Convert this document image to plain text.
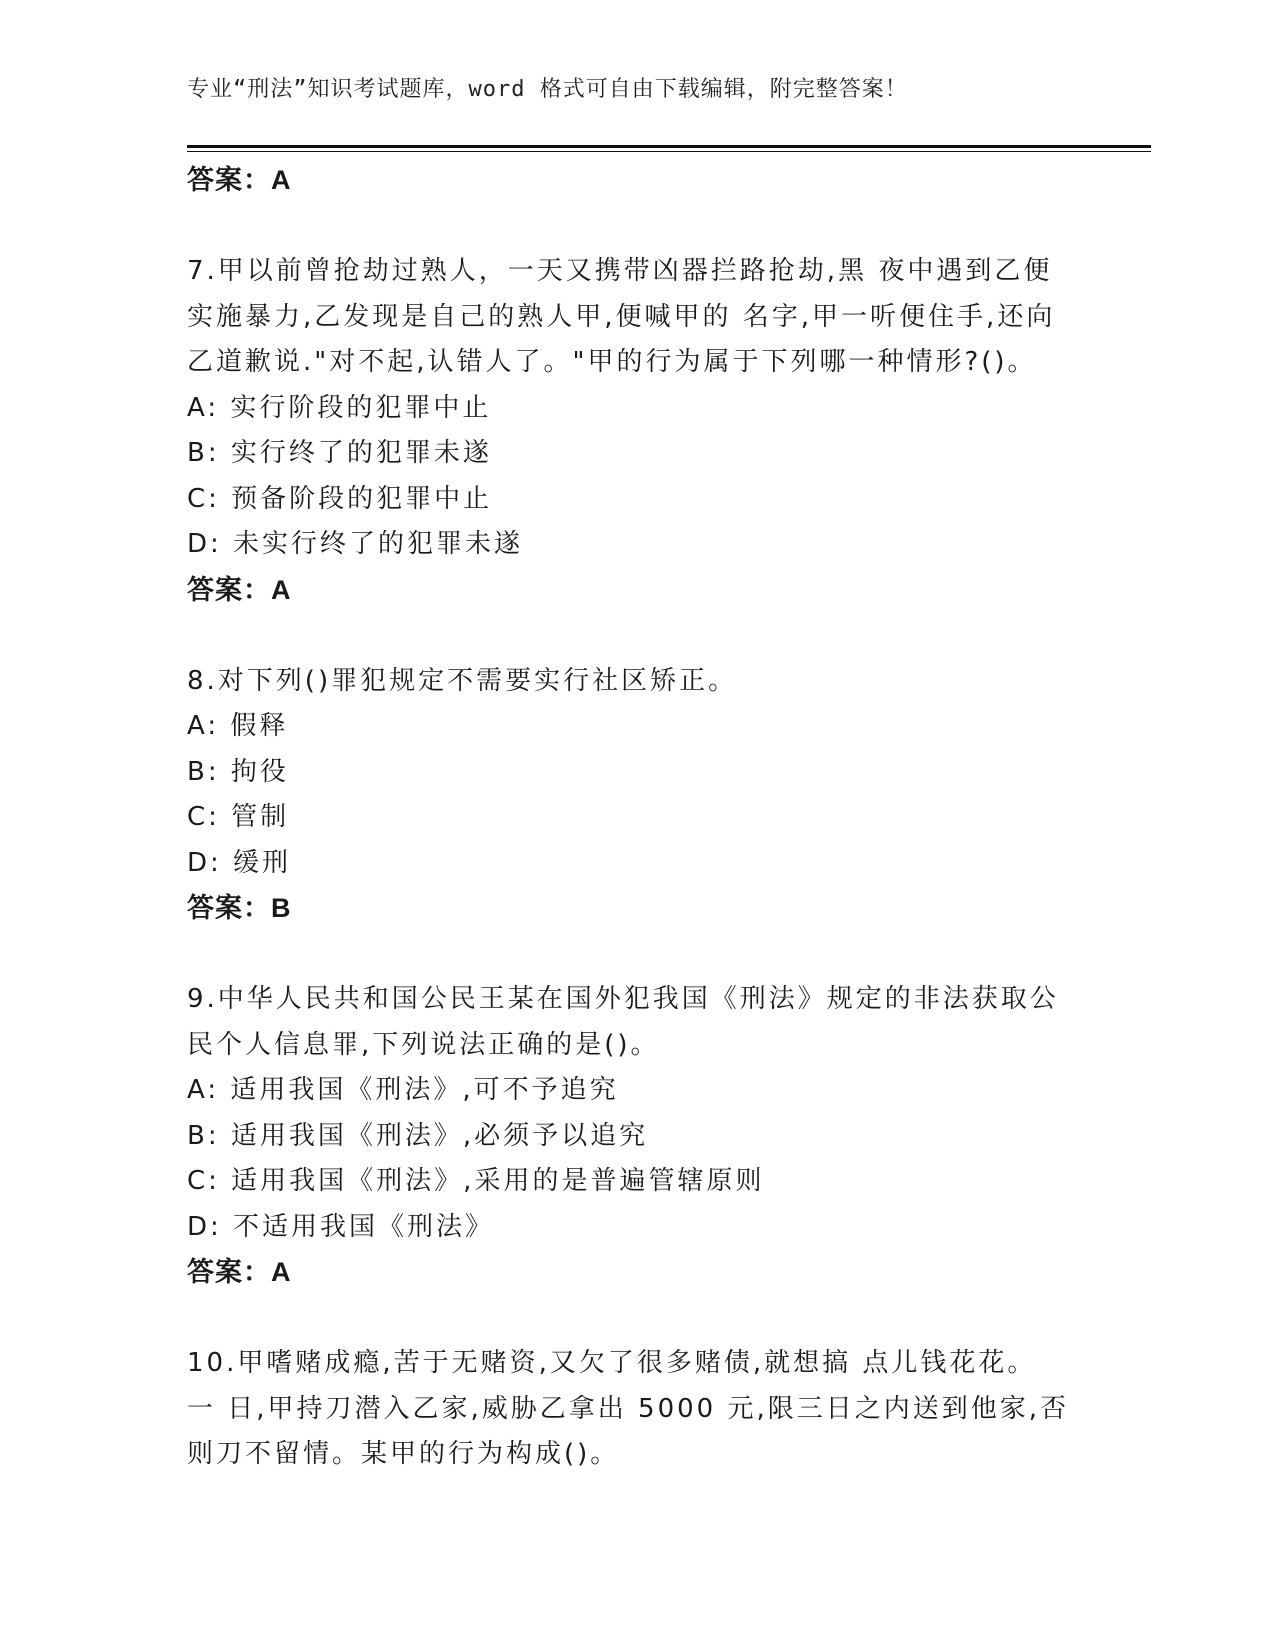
专业“刑法”知识考试题库，word 格式可自由下载编辑，附完整答案！
答案：A
7.甲以前曾抢劫过熟人，一天又携带凶器拦路抢劫,黑 夜中遇到乙便
实施暴力,乙发现是自己的熟人甲,便喊甲的 名字,甲一听便住手,还向
乙道歉说."对不起,认错人了。"甲的行为属于下列哪一种情形?()。
A: 实行阶段的犯罪中止
B: 实行终了的犯罪未遂
C: 预备阶段的犯罪中止
D: 未实行终了的犯罪未遂
答案：A
8.对下列()罪犯规定不需要实行社区矫正。
A: 假释
B: 拘役
C: 管制
D: 缓刑
答案：B
9.中华人民共和国公民王某在国外犯我国《刑法》规定的非法获取公
民个人信息罪,下列说法正确的是()。
A: 适用我国《刑法》,可不予追究
B: 适用我国《刑法》,必须予以追究
C: 适用我国《刑法》,采用的是普遍管辖原则
D: 不适用我国《刑法》
答案：A
10.甲嗜赌成瘾,苦于无赌资,又欠了很多赌债,就想搞 点儿钱花花。
一 日,甲持刀潜入乙家,威胁乙拿出 5000 元,限三日之内送到他家,否
则刀不留情。某甲的行为构成()。
